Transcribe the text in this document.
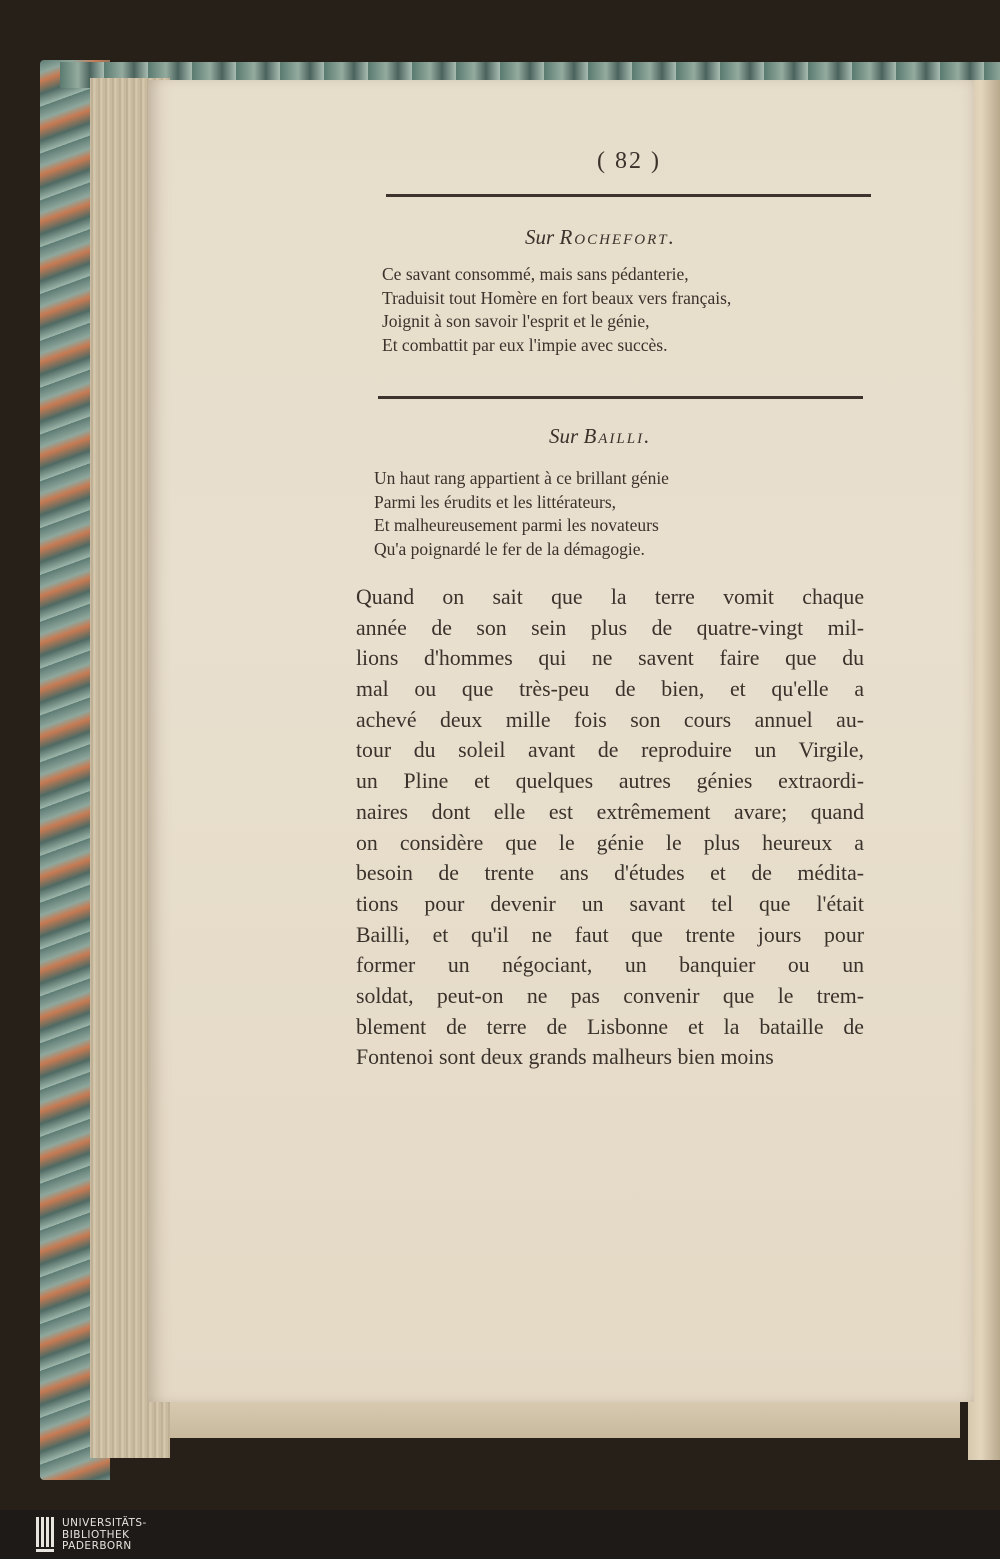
( 82 )
Sur Rochefort.
Ce savant consommé, mais sans pédanterie,
Traduisit tout Homère en fort beaux vers français,
Joignit à son savoir l'esprit et le génie,
Et combattit par eux l'impie avec succès.
Sur Bailli.
Un haut rang appartient à ce brillant génie
Parmi les érudits et les littérateurs,
Et malheureusement parmi les novateurs
Qu'a poignardé le fer de la démagogie.
Quand on sait que la terre vomit chaque
année de son sein plus de quatre-vingt mil-
lions d'hommes qui ne savent faire que du
mal ou que très-peu de bien, et qu'elle a
achevé deux mille fois son cours annuel au-
tour du soleil avant de reproduire un Virgile,
un Pline et quelques autres génies extraordi-
naires dont elle est extrêmement avare; quand
on considère que le génie le plus heureux a
besoin de trente ans d'études et de médita-
tions pour devenir un savant tel que l'était
Bailli, et qu'il ne faut que trente jours pour
former un négociant, un banquier ou un
soldat, peut-on ne pas convenir que le trem-
blement de terre de Lisbonne et la bataille de
Fontenoi sont deux grands malheurs bien moins
UNIVERSITÄTS-
BIBLIOTHEK
PADERBORN
